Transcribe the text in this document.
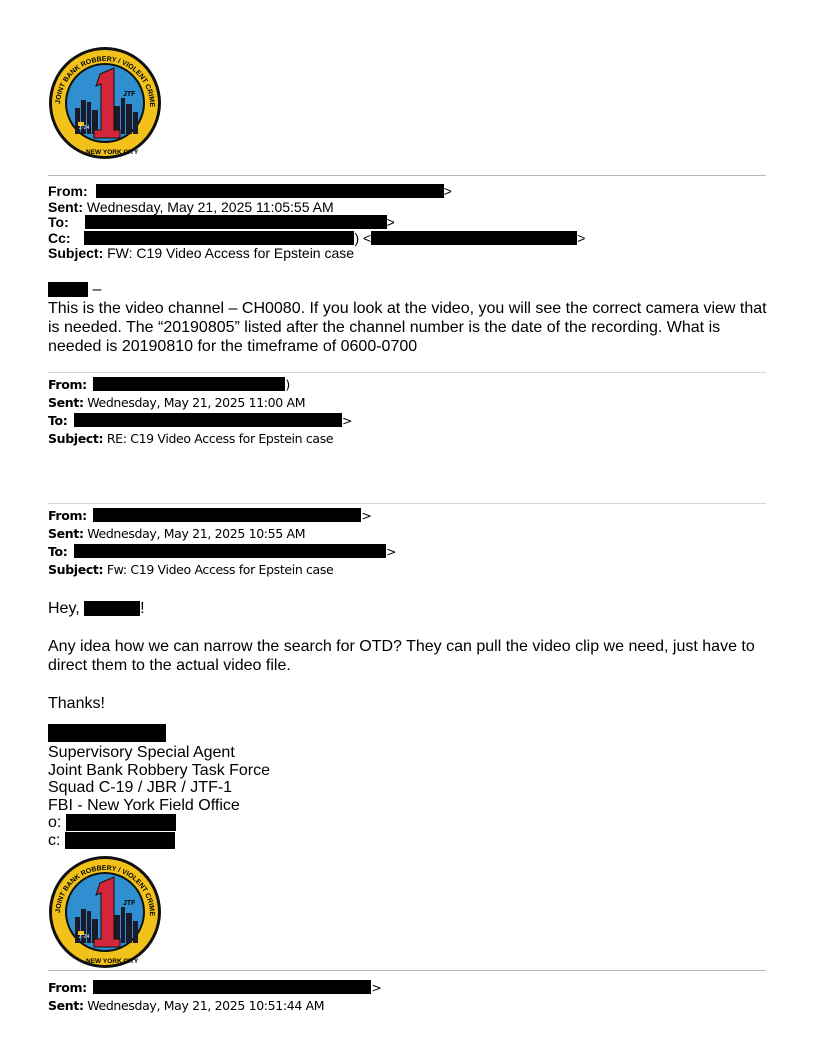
JTF
Z-24
NEW YORK CITY
JOINT BANK ROBBERY / VIOLENT CRIME
From:	>
Sent: Wednesday, May 21, 2025 11:05:55 AM
To:	>
Cc:	) <	>
Subject: FW: C19 Video Access for Epstein case
–
This is the video channel – CH0080. If you look at the video, you will see the correct camera view that is needed. The “20190805” listed after the channel number is the date of the recording. What is needed is 20190810 for the timeframe of 0600-0700
From:	)
Sent: Wednesday, May 21, 2025 11:00 AM
To:	>
Subject: RE: C19 Video Access for Epstein case
From:	>
Sent: Wednesday, May 21, 2025 10:55 AM
To:	>
Subject: Fw: C19 Video Access for Epstein case
Hey,	!
Any idea how we can narrow the search for OTD? They can pull the video clip we need, just have to direct them to the actual video file.
Thanks!
Supervisory Special Agent
Joint Bank Robbery Task Force
Squad C-19 / JBR / JTF-1
FBI - New York Field Office
o:
c:
JTF
Z-24
NEW YORK CITY
JOINT BANK ROBBERY / VIOLENT CRIME
From:	>
Sent: Wednesday, May 21, 2025 10:51:44 AM
